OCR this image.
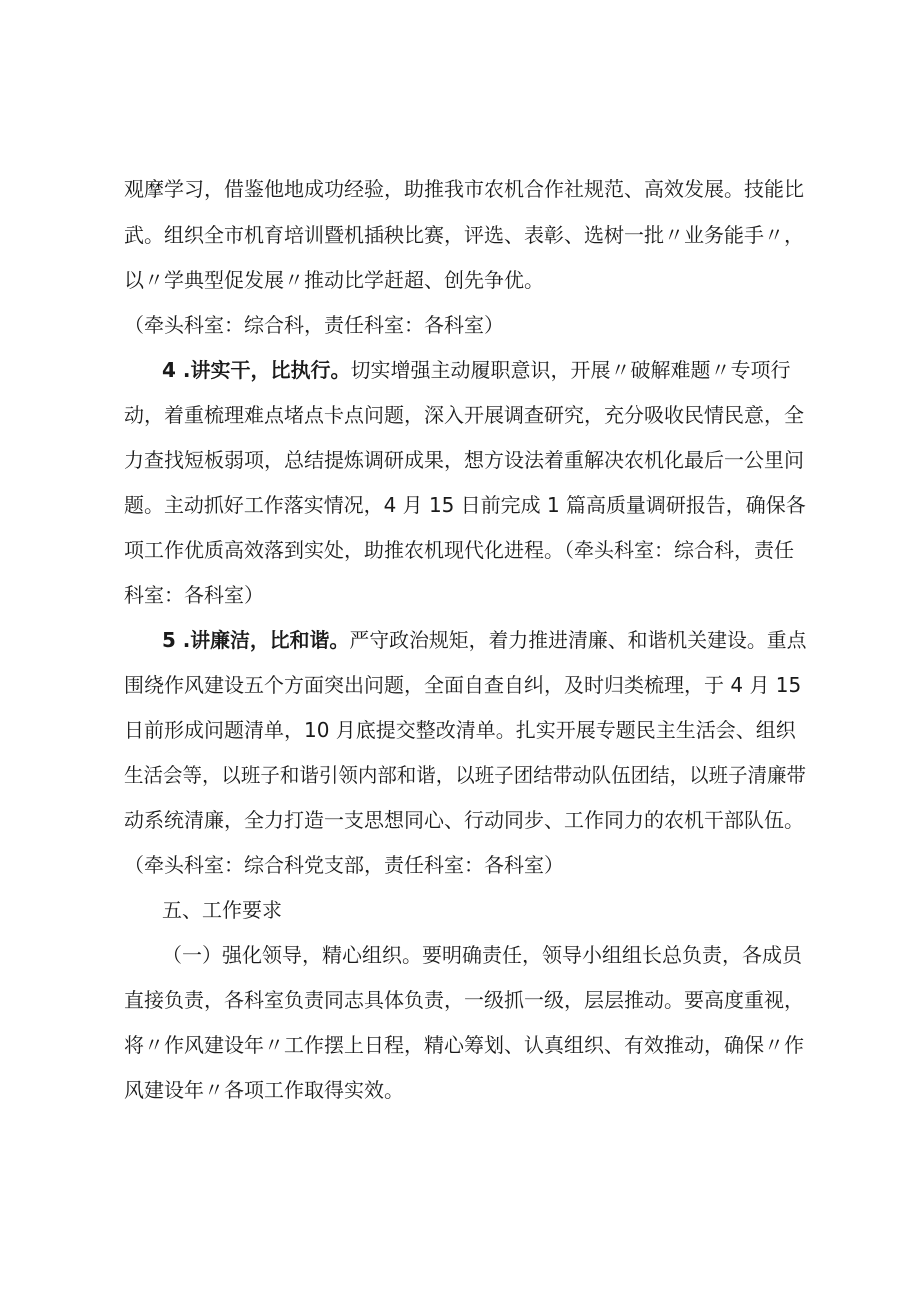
观摩学习，借鉴他地成功经验，助推我市农机合作社规范、高效发展。技能比
武。组织全市机育培训暨机插秧比赛，评选、表彰、选树一批〃业务能手〃，
以〃学典型促发展〃推动比学赶超、创先争优。
（牵头科室：综合科，责任科室：各科室）
4 .讲实干，比执行。切实增强主动履职意识，开展〃破解难题〃专项行
动，着重梳理难点堵点卡点问题，深入开展调查研究，充分吸收民情民意，全
力查找短板弱项，总结提炼调研成果，想方设法着重解决农机化最后一公里问
题。主动抓好工作落实情况，4 月 15 日前完成 1 篇高质量调研报告，确保各
项工作优质高效落到实处，助推农机现代化进程。（牵头科室：综合科，责任
科室：各科室）
5 .讲廉洁，比和谐。严守政治规矩，着力推进清廉、和谐机关建设。重点
围绕作风建设五个方面突出问题，全面自查自纠，及时归类梳理，于 4 月 15
日前形成问题清单，10 月底提交整改清单。扎实开展专题民主生活会、组织
生活会等，以班子和谐引领内部和谐，以班子团结带动队伍团结，以班子清廉带
动系统清廉，全力打造一支思想同心、行动同步、工作同力的农机干部队伍。
（牵头科室：综合科党支部，责任科室：各科室）
五、工作要求
（一）强化领导，精心组织。要明确责任，领导小组组长总负责，各成员
直接负责，各科室负责同志具体负责，一级抓一级，层层推动。要高度重视，
将〃作风建设年〃工作摆上日程，精心筹划、认真组织、有效推动，确保〃作
风建设年〃各项工作取得实效。
